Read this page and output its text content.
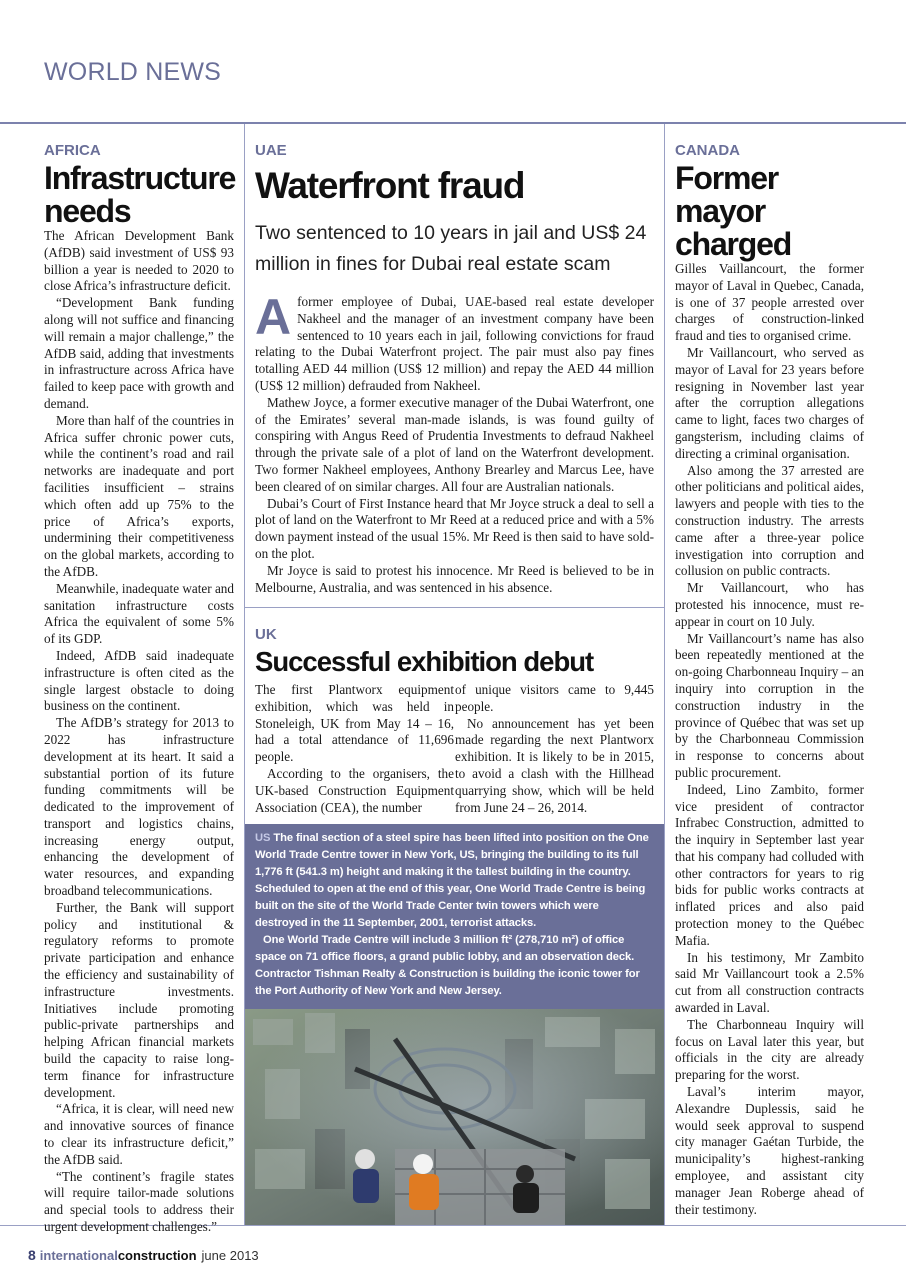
WORLD NEWS
AFRICA
Infrastructure needs

The African Development Bank (AfDB) said investment of US$ 93 billion a year is needed to 2020 to close Africa’s infrastructure deficit.

“Development Bank funding along will not suffice and financing will remain a major challenge,” the AfDB said, adding that investments in infrastructure across Africa have failed to keep pace with growth and demand.

More than half of the countries in Africa suffer chronic power cuts, while the continent’s road and rail networks are inadequate and port facilities insufficient – strains which often add up 75% to the price of Africa’s exports, undermining their competitiveness on the global markets, according to the AfDB.

Meanwhile, inadequate water and sanitation infrastructure costs Africa the equivalent of some 5% of its GDP.

Indeed, AfDB said inadequate infrastructure is often cited as the single largest obstacle to doing business on the continent.

The AfDB’s strategy for 2013 to 2022 has infrastructure development at its heart. It said a substantial portion of its future funding commitments will be dedicated to the improvement of transport and logistics chains, increasing energy output, enhancing the development of water resources, and expanding broadband telecommunications.

Further, the Bank will support policy and institutional & regulatory reforms to promote private participation and enhance the efficiency and sustainability of infrastructure investments. Initiatives include promoting public-private partnerships and helping African financial markets build the capacity to raise long-term finance for infrastructure development.

“Africa, it is clear, will need new and innovative sources of finance to clear its infrastructure deficit,” the AfDB said.

“The continent’s fragile states will require tailor-made solutions and special tools to address their urgent development challenges.”

UAE
Waterfront fraud
Two sentenced to 10 years in jail and US$ 24 million in fines for Dubai real estate scam

A former employee of Dubai, UAE-based real estate developer Nakheel and the manager of an investment company have been sentenced to 10 years each in jail, following convictions for fraud relating to the Dubai Waterfront project. The pair must also pay fines totalling AED 44 million (US$ 12 million) and repay the AED 44 million (US$ 12 million) defrauded from Nakheel.

Mathew Joyce, a former executive manager of the Dubai Waterfront, one of the Emirates’ several man-made islands, is was found guilty of conspiring with Angus Reed of Prudentia Investments to defraud Nakheel through the private sale of a plot of land on the Waterfront development. Two former Nakheel employees, Anthony Brearley and Marcus Lee, have been cleared of on similar charges. All four are Australian nationals.

Dubai’s Court of First Instance heard that Mr Joyce struck a deal to sell a plot of land on the Waterfront to Mr Reed at a reduced price and with a 5% down payment instead of the usual 15%. Mr Reed is then said to have sold-on the plot.

Mr Joyce is said to protest his innocence. Mr Reed is believed to be in Melbourne, Australia, and was sentenced in his absence.

UK
Successful exhibition debut

The first Plantworx equipment exhibition, which was held in Stoneleigh, UK from May 14 – 16, had a total attendance of 11,696 people.

According to the organisers, the UK-based Construction Equipment Association (CEA), the number

of unique visitors came to 9,445 people.

No announcement has yet been made regarding the next Plantworx exhibition. It is likely to be in 2015, to avoid a clash with the Hillhead quarrying show, which will be held from June 24 – 26, 2014.

US The final section of a steel spire has been lifted into position on the One World Trade Centre tower in New York, US, bringing the building to its full 1,776 ft (541.3 m) height and making it the tallest building in the country. Scheduled to open at the end of this year, One World Trade Centre is being built on the site of the World Trade Center twin towers which were destroyed in the 11 September, 2001, terrorist attacks.

One World Trade Centre will include 3 million ft² (278,710 m²) of office space on 71 office floors, a grand public lobby, and an observation deck. Contractor Tishman Realty & Construction is building the iconic tower for the Port Authority of New York and New Jersey.

CANADA
Former mayor charged

Gilles Vaillancourt, the former mayor of Laval in Quebec, Canada, is one of 37 people arrested over charges of construction-linked fraud and ties to organised crime.

Mr Vaillancourt, who served as mayor of Laval for 23 years before resigning in November last year after the corruption allegations came to light, faces two charges of gangsterism, including claims of directing a criminal organisation.

Also among the 37 arrested are other politicians and political aides, lawyers and people with ties to the construction industry. The arrests came after a three-year police investigation into corruption and collusion on public contracts.

Mr Vaillancourt, who has protested his innocence, must re-appear in court on 10 July.

Mr Vaillancourt’s name has also been repeatedly mentioned at the on-going Charbonneau Inquiry – an inquiry into corruption in the construction industry in the province of Québec that was set up by the Charbonneau Commission in response to concerns about public procurement.

Indeed, Lino Zambito, former vice president of contractor Infrabec Construction, admitted to the inquiry in September last year that his company had colluded with other contractors for years to rig bids for public works contracts at inflated prices and also paid protection money to the Québec Mafia.

In his testimony, Mr Zambito said Mr Vaillancourt took a 2.5% cut from all construction contracts awarded in Laval.

The Charbonneau Inquiry will focus on Laval later this year, but officials in the city are already preparing for the worst.

Laval’s interim mayor, Alexandre Duplessis, said he would seek approval to suspend city manager Gaétan Turbide, the municipality’s highest-ranking employee, and assistant city manager Jean Roberge ahead of their testimony.

8 internationalconstruction june 2013
